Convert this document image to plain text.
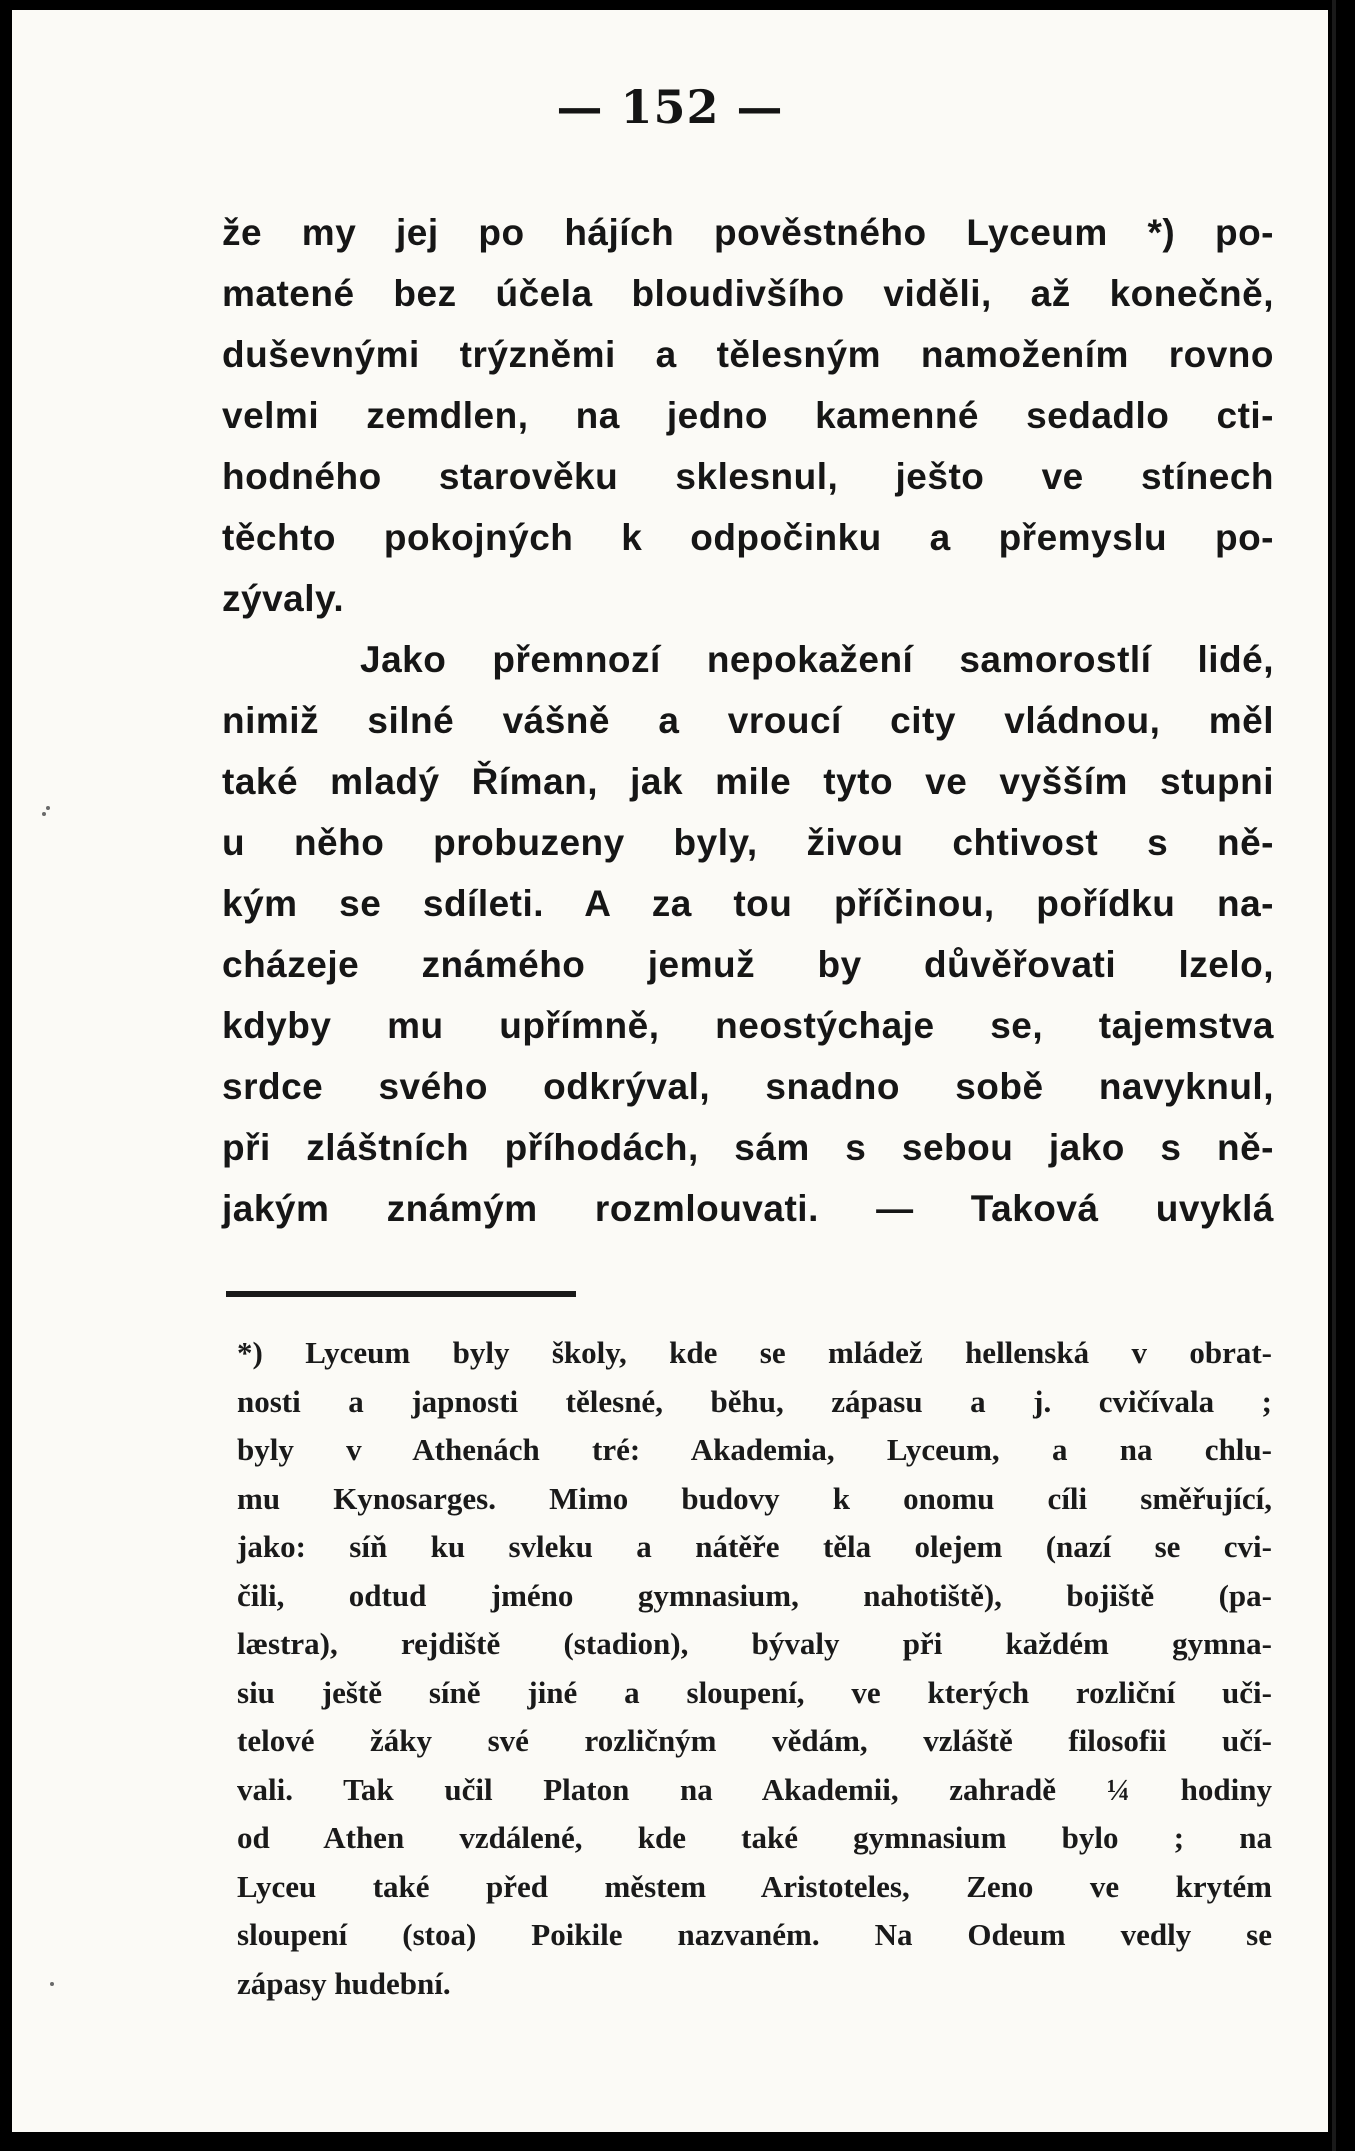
— 152 —
že my jej po hájích pověstného Lyceum *) po-
matené bez účela bloudivšího viděli, až konečně,
duševnými trýzněmi a tělesným namožením rovno
velmi zemdlen, na jedno kamenné sedadlo cti-
hodného starověku sklesnul, ješto ve stínech
těchto pokojných k odpočinku a přemyslu po-
zývaly.
Jako přemnozí nepokažení samorostlí lidé,
nimiž silné vášně a vroucí city vládnou, měl
také mladý Říman, jak mile tyto ve vyšším stupni
u něho probuzeny byly, živou chtivost s ně-
kým se sdíleti. A za tou příčinou, pořídku na-
cházeje známého jemuž by důvěřovati lzelo,
kdyby mu upřímně, neostýchaje se, tajemstva
srdce svého odkrýval, snadno sobě navyknul,
při zláštních příhodách, sám s sebou jako s ně-
jakým známým rozmlouvati. — Taková uvyklá
*) Lyceum byly školy, kde se mládež hellenská v obrat-
nosti a japnosti tělesné, běhu, zápasu a j. cvičívala ;
byly v Athenách tré: Akademia, Lyceum, a na chlu-
mu Kynosarges. Mimo budovy k onomu cíli směřující,
jako: síň ku svleku a nátěře těla olejem (nazí se cvi-
čili, odtud jméno gymnasium, nahotiště), bojiště (pa-
læstra), rejdiště (stadion), bývaly při každém gymna-
siu ještě síně jiné a sloupení, ve kterých rozliční uči-
telové žáky své rozličným vědám, vzláště filosofii učí-
vali. Tak učil Platon na Akademii, zahradě ¼ hodiny
od Athen vzdálené, kde také gymnasium bylo ; na
Lyceu také před městem Aristoteles, Zeno ve krytém
sloupení (stoa) Poikile nazvaném. Na Odeum vedly se
zápasy hudební.
